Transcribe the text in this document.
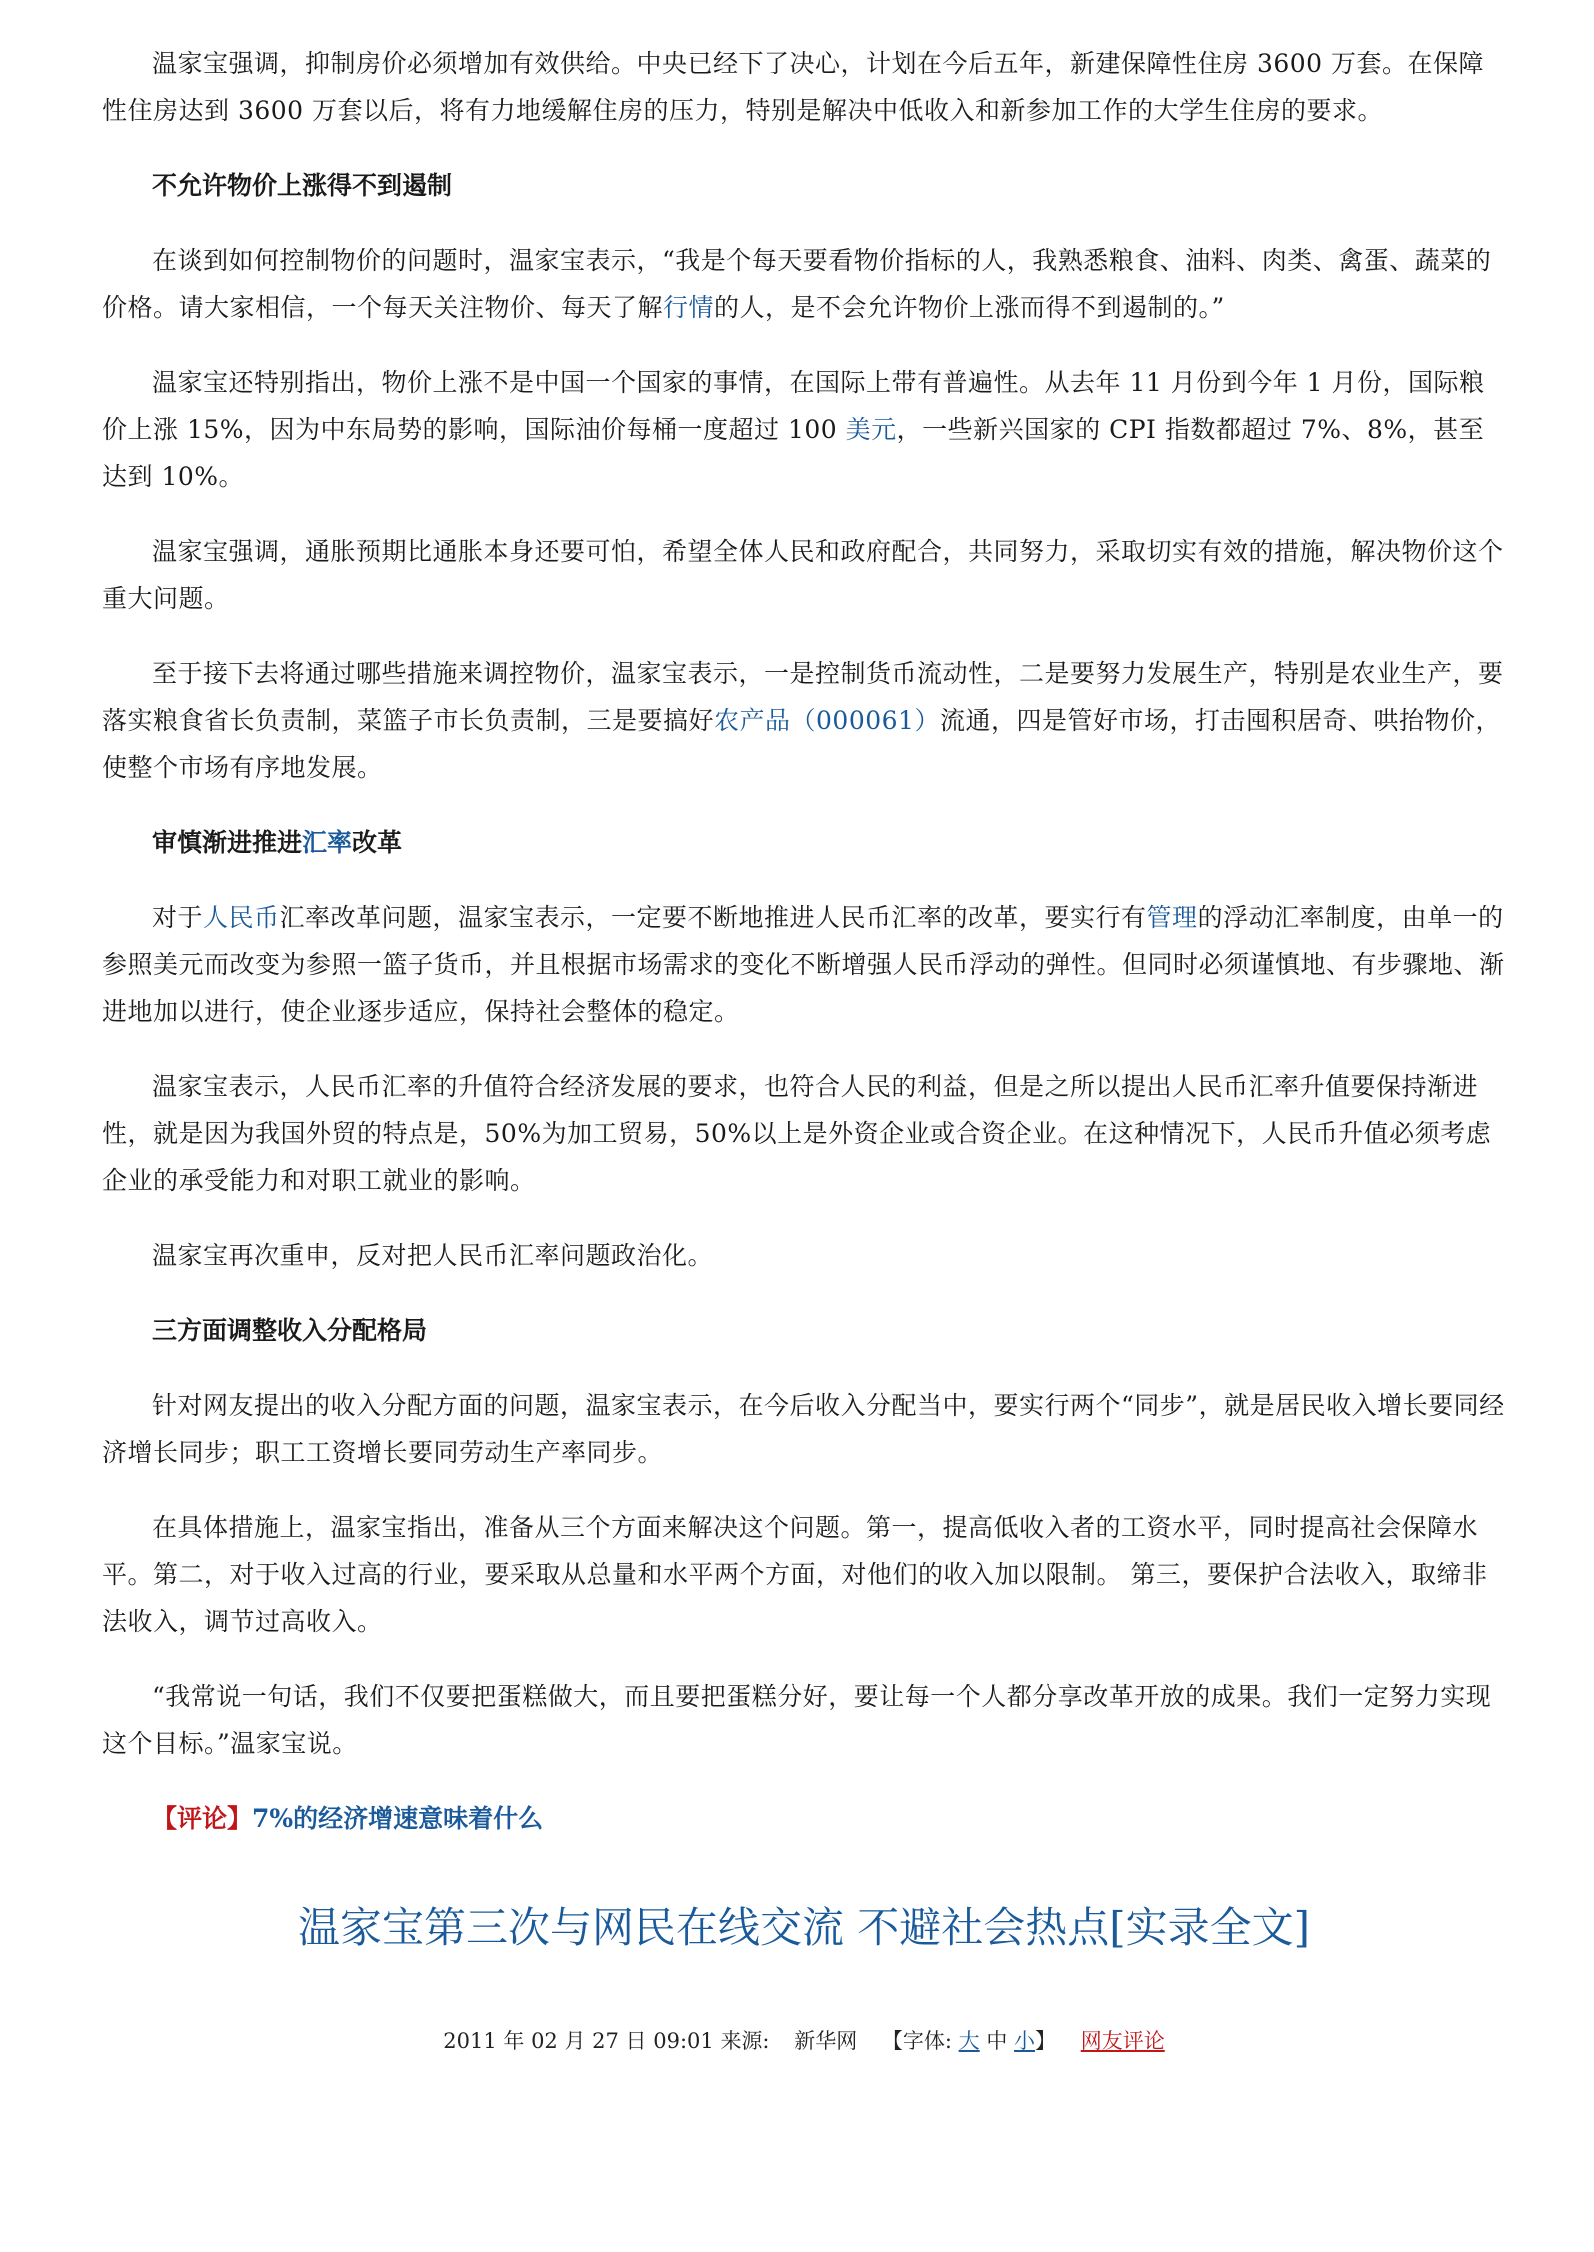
温家宝强调，抑制房价必须增加有效供给。中央已经下了决心，计划在今后五年，新建保障性住房 3600 万套。在保障性住房达到 3600 万套以后，将有力地缓解住房的压力，特别是解决中低收入和新参加工作的大学生住房的要求。

不允许物价上涨得不到遏制

在谈到如何控制物价的问题时，温家宝表示，“我是个每天要看物价指标的人，我熟悉粮食、油料、肉类、禽蛋、蔬菜的价格。请大家相信，一个每天关注物价、每天了解行情的人，是不会允许物价上涨而得不到遏制的。”

温家宝还特别指出，物价上涨不是中国一个国家的事情，在国际上带有普遍性。从去年 11 月份到今年 1 月份，国际粮价上涨 15%，因为中东局势的影响，国际油价每桶一度超过 100 美元，一些新兴国家的 CPI 指数都超过 7%、8%，甚至达到 10%。

温家宝强调，通胀预期比通胀本身还要可怕，希望全体人民和政府配合，共同努力，采取切实有效的措施，解决物价这个重大问题。

至于接下去将通过哪些措施来调控物价，温家宝表示，一是控制货币流动性，二是要努力发展生产，特别是农业生产，要落实粮食省长负责制，菜篮子市长负责制，三是要搞好农产品（000061）流通，四是管好市场，打击囤积居奇、哄抬物价，使整个市场有序地发展。

审慎渐进推进汇率改革

对于人民币汇率改革问题，温家宝表示，一定要不断地推进人民币汇率的改革，要实行有管理的浮动汇率制度，由单一的参照美元而改变为参照一篮子货币，并且根据市场需求的变化不断增强人民币浮动的弹性。但同时必须谨慎地、有步骤地、渐进地加以进行，使企业逐步适应，保持社会整体的稳定。

温家宝表示，人民币汇率的升值符合经济发展的要求，也符合人民的利益，但是之所以提出人民币汇率升值要保持渐进性，就是因为我国外贸的特点是，50%为加工贸易，50%以上是外资企业或合资企业。在这种情况下，人民币升值必须考虑企业的承受能力和对职工就业的影响。

温家宝再次重申，反对把人民币汇率问题政治化。

三方面调整收入分配格局

针对网友提出的收入分配方面的问题，温家宝表示，在今后收入分配当中，要实行两个“同步”，就是居民收入增长要同经济增长同步；职工工资增长要同劳动生产率同步。

在具体措施上，温家宝指出，准备从三个方面来解决这个问题。第一，提高低收入者的工资水平，同时提高社会保障水平。第二，对于收入过高的行业，要采取从总量和水平两个方面，对他们的收入加以限制。 第三，要保护合法收入，取缔非法收入，调节过高收入。

“我常说一句话，我们不仅要把蛋糕做大，而且要把蛋糕分好，要让每一个人都分享改革开放的成果。我们一定努力实现这个目标。”温家宝说。

【评论】7%的经济增速意味着什么
温家宝第三次与网民在线交流 不避社会热点[实录全文]
2011 年 02 月 27 日 09:01 来源: 新华网 【字体: 大 中 小】 网友评论
